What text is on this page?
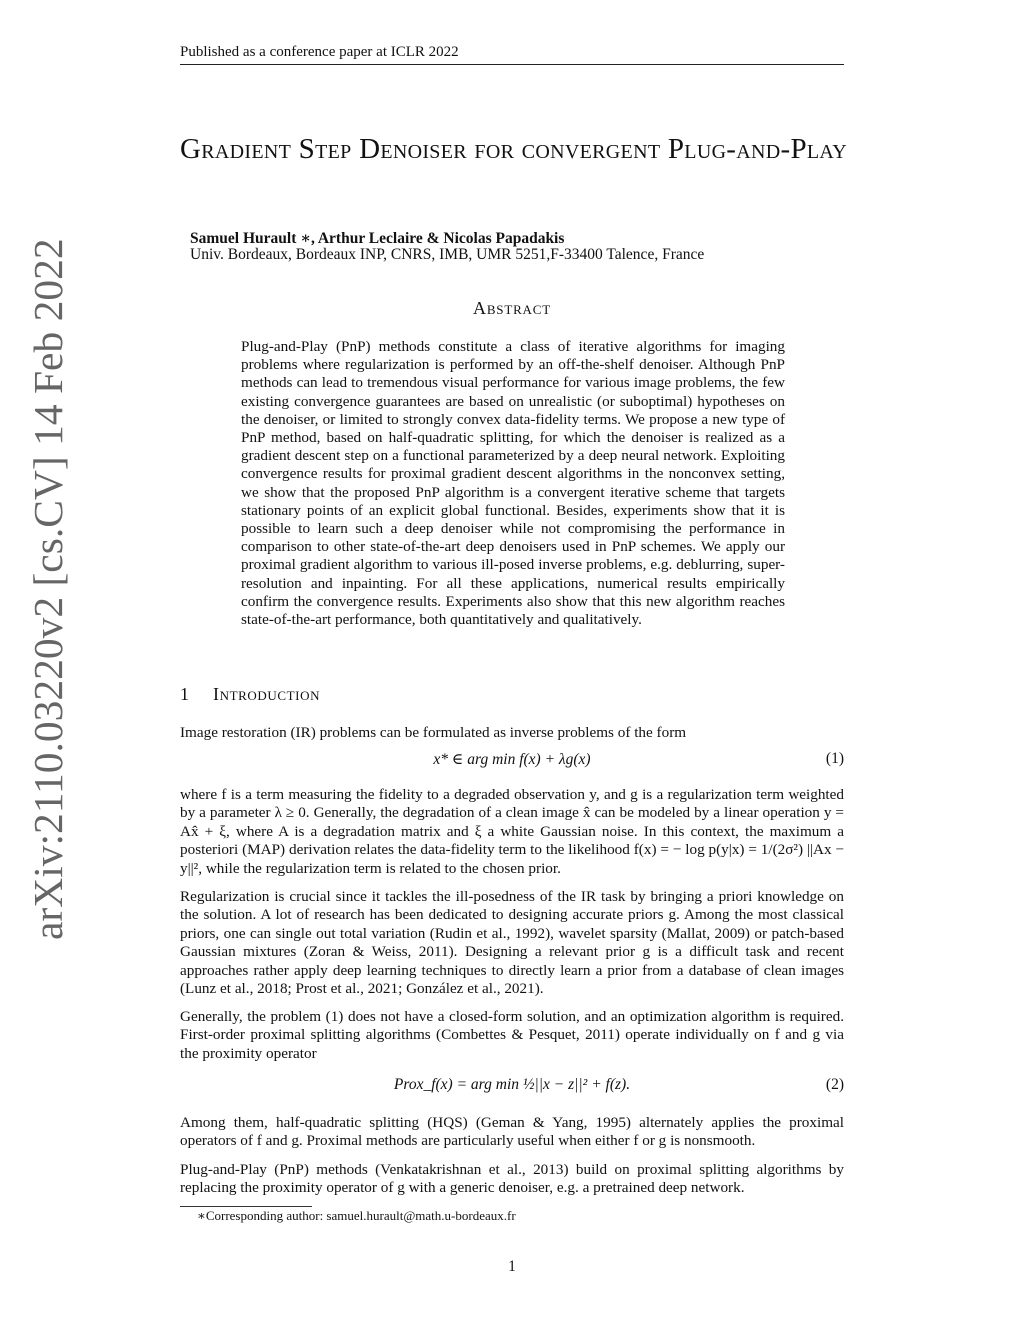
Published as a conference paper at ICLR 2022
arXiv:2110.03220v2 [cs.CV] 14 Feb 2022
Gradient Step Denoiser for convergent Plug-and-Play
Samuel Hurault ∗, Arthur Leclaire & Nicolas Papadakis
Univ. Bordeaux, Bordeaux INP, CNRS, IMB, UMR 5251,F-33400 Talence, France
Abstract
Plug-and-Play (PnP) methods constitute a class of iterative algorithms for imaging problems where regularization is performed by an off-the-shelf denoiser. Although PnP methods can lead to tremendous visual performance for various image problems, the few existing convergence guarantees are based on unrealistic (or suboptimal) hypotheses on the denoiser, or limited to strongly convex data-fidelity terms. We propose a new type of PnP method, based on half-quadratic splitting, for which the denoiser is realized as a gradient descent step on a functional parameterized by a deep neural network. Exploiting convergence results for proximal gradient descent algorithms in the nonconvex setting, we show that the proposed PnP algorithm is a convergent iterative scheme that targets stationary points of an explicit global functional. Besides, experiments show that it is possible to learn such a deep denoiser while not compromising the performance in comparison to other state-of-the-art deep denoisers used in PnP schemes. We apply our proximal gradient algorithm to various ill-posed inverse problems, e.g. deblurring, super-resolution and inpainting. For all these applications, numerical results empirically confirm the convergence results. Experiments also show that this new algorithm reaches state-of-the-art performance, both quantitatively and qualitatively.
1 Introduction
Image restoration (IR) problems can be formulated as inverse problems of the form
x* ∈ arg min f(x) + λg(x)	(1)
where f is a term measuring the fidelity to a degraded observation y, and g is a regularization term weighted by a parameter λ ≥ 0. Generally, the degradation of a clean image x̂ can be modeled by a linear operation y = Ax̂ + ξ, where A is a degradation matrix and ξ a white Gaussian noise. In this context, the maximum a posteriori (MAP) derivation relates the data-fidelity term to the likelihood f(x) = − log p(y|x) = 1/(2σ²) ||Ax − y||², while the regularization term is related to the chosen prior.
Regularization is crucial since it tackles the ill-posedness of the IR task by bringing a priori knowledge on the solution. A lot of research has been dedicated to designing accurate priors g. Among the most classical priors, one can single out total variation (Rudin et al., 1992), wavelet sparsity (Mallat, 2009) or patch-based Gaussian mixtures (Zoran & Weiss, 2011). Designing a relevant prior g is a difficult task and recent approaches rather apply deep learning techniques to directly learn a prior from a database of clean images (Lunz et al., 2018; Prost et al., 2021; González et al., 2021).
Generally, the problem (1) does not have a closed-form solution, and an optimization algorithm is required. First-order proximal splitting algorithms (Combettes & Pesquet, 2011) operate individually on f and g via the proximity operator
Prox_f(x) = arg min ½||x − z||² + f(z).	(2)
Among them, half-quadratic splitting (HQS) (Geman & Yang, 1995) alternately applies the proximal operators of f and g. Proximal methods are particularly useful when either f or g is nonsmooth.
Plug-and-Play (PnP) methods (Venkatakrishnan et al., 2013) build on proximal splitting algorithms by replacing the proximity operator of g with a generic denoiser, e.g. a pretrained deep network.
∗Corresponding author: samuel.hurault@math.u-bordeaux.fr
1
